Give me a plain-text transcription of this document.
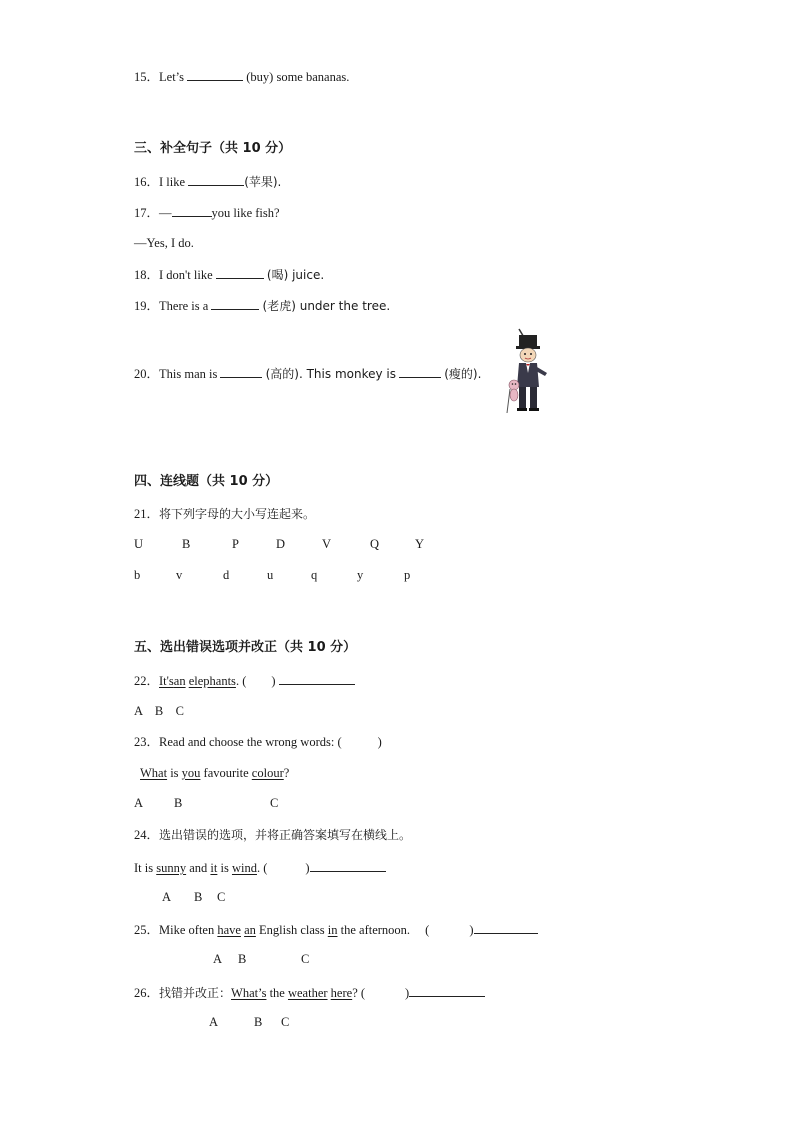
15．Let’s	(buy) some bananas.
三、补全句子（共 10 分）
16．I like	(苹果).
17．—	you like fish?
—Yes, I do.
18．I don't like	(喝) juice.
19．There is a	(老虎) under the tree.
20．This man is	(高的). This monkey is	(瘦的).
四、连线题（共 10 分）
21．将下列字母的大小写连起来。
U	B	P	D	V	Q	Y
b	v	d	u	q	y	p
五、选出错误选项并改正（共 10 分）
22．It'san elephants. (　　)
A　B　C
23．Read and choose the wrong words: (	)
What is you favourite colour?
A B	C
24．选出错误的选项，并将正确答案填写在横线上。
It is sunny and it is wind. (	)
A B C
25．Mike often have an English class in the afternoon. (	)
A B	C
26．找错并改正：What’s the weather here? (	)
A	B C
